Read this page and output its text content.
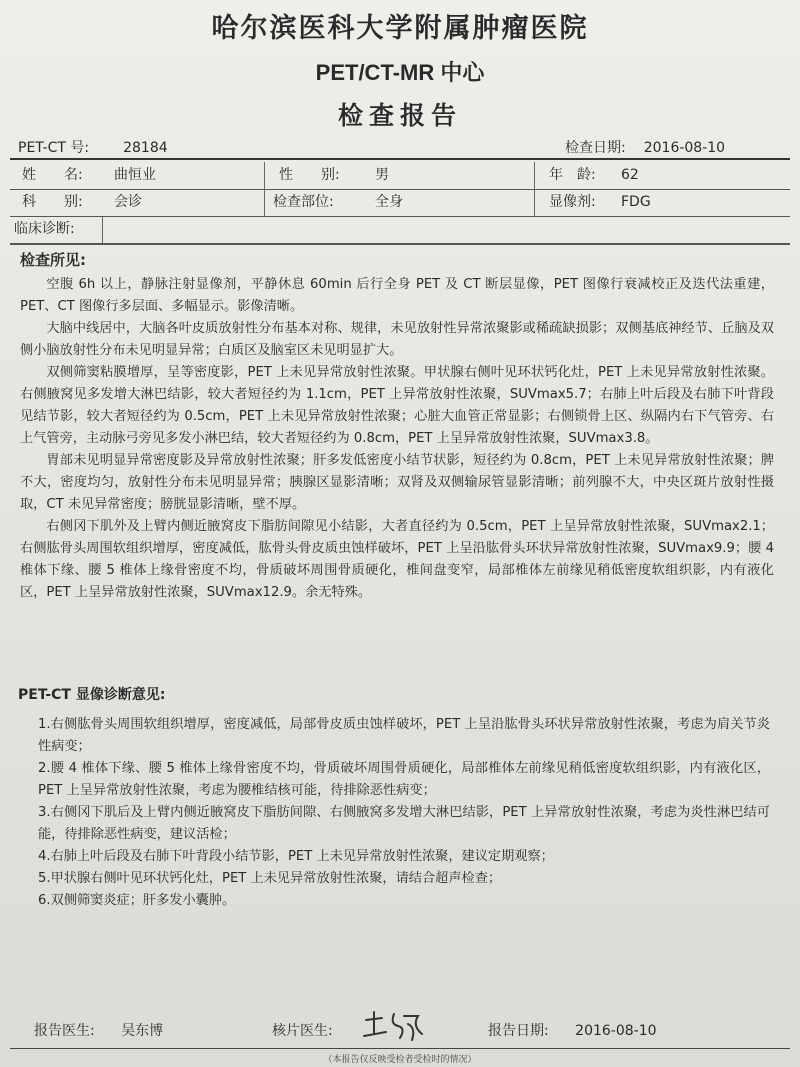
哈尔滨医科大学附属肿瘤医院
PET/CT-MR 中心
检查报告
PET-CT 号: 28184	检查日期: 2016-08-10
姓　　名: 曲恒业	性　　别:	男	年　龄: 62
科　　别: 会诊	检查部位:	全身	显像剂: FDG
临床诊断:
检查所见:

空腹 6h 以上，静脉注射显像剂，平静休息 60min 后行全身 PET 及 CT 断层显像，PET 图像行衰减校正及迭代法重建，PET、CT 图像行多层面、多幅显示。影像清晰。

大脑中线居中，大脑各叶皮质放射性分布基本对称、规律，未见放射性异常浓聚影或稀疏缺损影；双侧基底神经节、丘脑及双侧小脑放射性分布未见明显异常；白质区及脑室区未见明显扩大。

双侧筛窦粘膜增厚，呈等密度影，PET 上未见异常放射性浓聚。甲状腺右侧叶见环状钙化灶，PET 上未见异常放射性浓聚。右侧腋窝见多发增大淋巴结影，较大者短径约为 1.1cm，PET 上异常放射性浓聚，SUVmax5.7；右肺上叶后段及右肺下叶背段见结节影，较大者短径约为 0.5cm，PET 上未见异常放射性浓聚；心脏大血管正常显影；右侧锁骨上区、纵隔内右下气管旁、右上气管旁，主动脉弓旁见多发小淋巴结，较大者短径约为 0.8cm，PET 上呈异常放射性浓聚，SUVmax3.8。

胃部未见明显异常密度影及异常放射性浓聚；肝多发低密度小结节状影，短径约为 0.8cm，PET 上未见异常放射性浓聚；脾不大，密度均匀，放射性分布未见明显异常；胰腺区显影清晰；双肾及双侧输尿管显影清晰；前列腺不大，中央区斑片放射性摄取，CT 未见异常密度；膀胱显影清晰，壁不厚。

右侧冈下肌外及上臂内侧近腋窝皮下脂肪间隙见小结影，大者直径约为 0.5cm，PET 上呈异常放射性浓聚，SUVmax2.1；右侧肱骨头周围软组织增厚，密度减低，肱骨头骨皮质虫蚀样破坏，PET 上呈沿肱骨头环状异常放射性浓聚，SUVmax9.9；腰 4 椎体下缘、腰 5 椎体上缘骨密度不均，骨质破坏周围骨质硬化，椎间盘变窄，局部椎体左前缘见稍低密度软组织影，内有液化区，PET 上呈异常放射性浓聚，SUVmax12.9。余无特殊。

PET-CT 显像诊断意见:

1.右侧肱骨头周围软组织增厚，密度减低，局部骨皮质虫蚀样破坏，PET 上呈沿肱骨头环状异常放射性浓聚，考虑为肩关节炎性病变；

2.腰 4 椎体下缘、腰 5 椎体上缘骨密度不均，骨质破坏周围骨质硬化，局部椎体左前缘见稍低密度软组织影，内有液化区，PET 上呈异常放射性浓聚，考虑为腰椎结核可能，待排除恶性病变；

3.右侧冈下肌后及上臂内侧近腋窝皮下脂肪间隙、右侧腋窝多发增大淋巴结影，PET 上异常放射性浓聚，考虑为炎性淋巴结可能，待排除恶性病变，建议活检；

4.右肺上叶后段及右肺下叶背段小结节影，PET 上未见异常放射性浓聚，建议定期观察；

5.甲状腺右侧叶见环状钙化灶，PET 上未见异常放射性浓聚，请结合超声检查；

6.双侧筛窦炎症；肝多发小囊肿。

报告医生: 吴东博	核片医生:	报告日期: 2016-08-10
（本报告仅反映受检者受检时的情况）
